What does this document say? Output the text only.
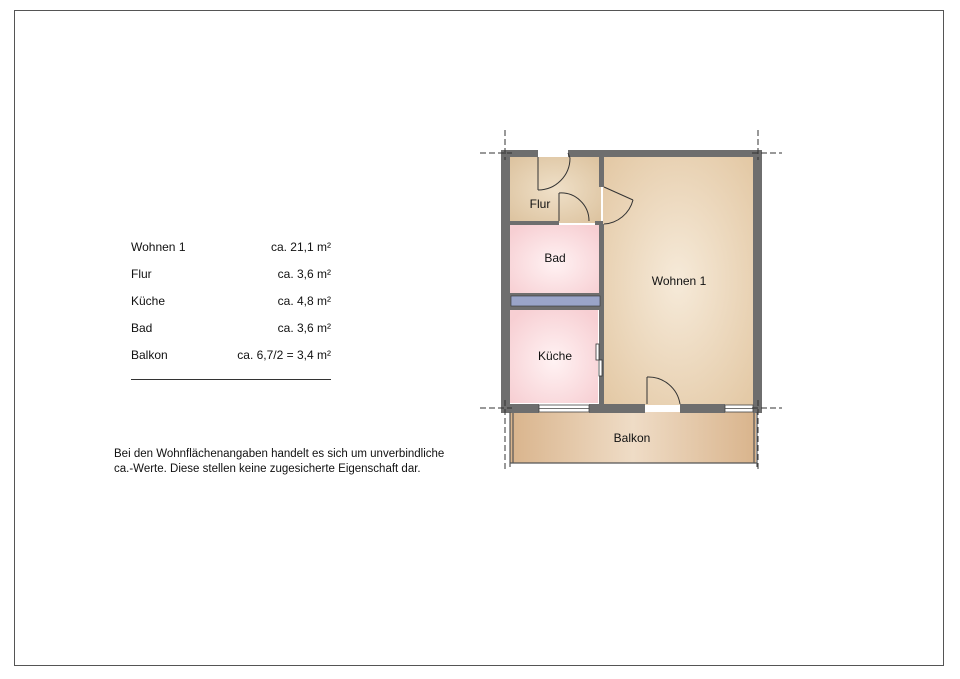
Wohnen 1	ca. 21,1 m²
Flur	ca. 3,6 m²
Küche	ca. 4,8 m²
Bad	ca. 3,6 m²
Balkon	ca. 6,7/2 = 3,4 m²
Bei den Wohnflächenangaben handelt es sich um unverbindliche
ca.-Werte. Diese stellen keine zugesicherte Eigenschaft dar.
Flur
Bad
Küche
Wohnen 1
Balkon
